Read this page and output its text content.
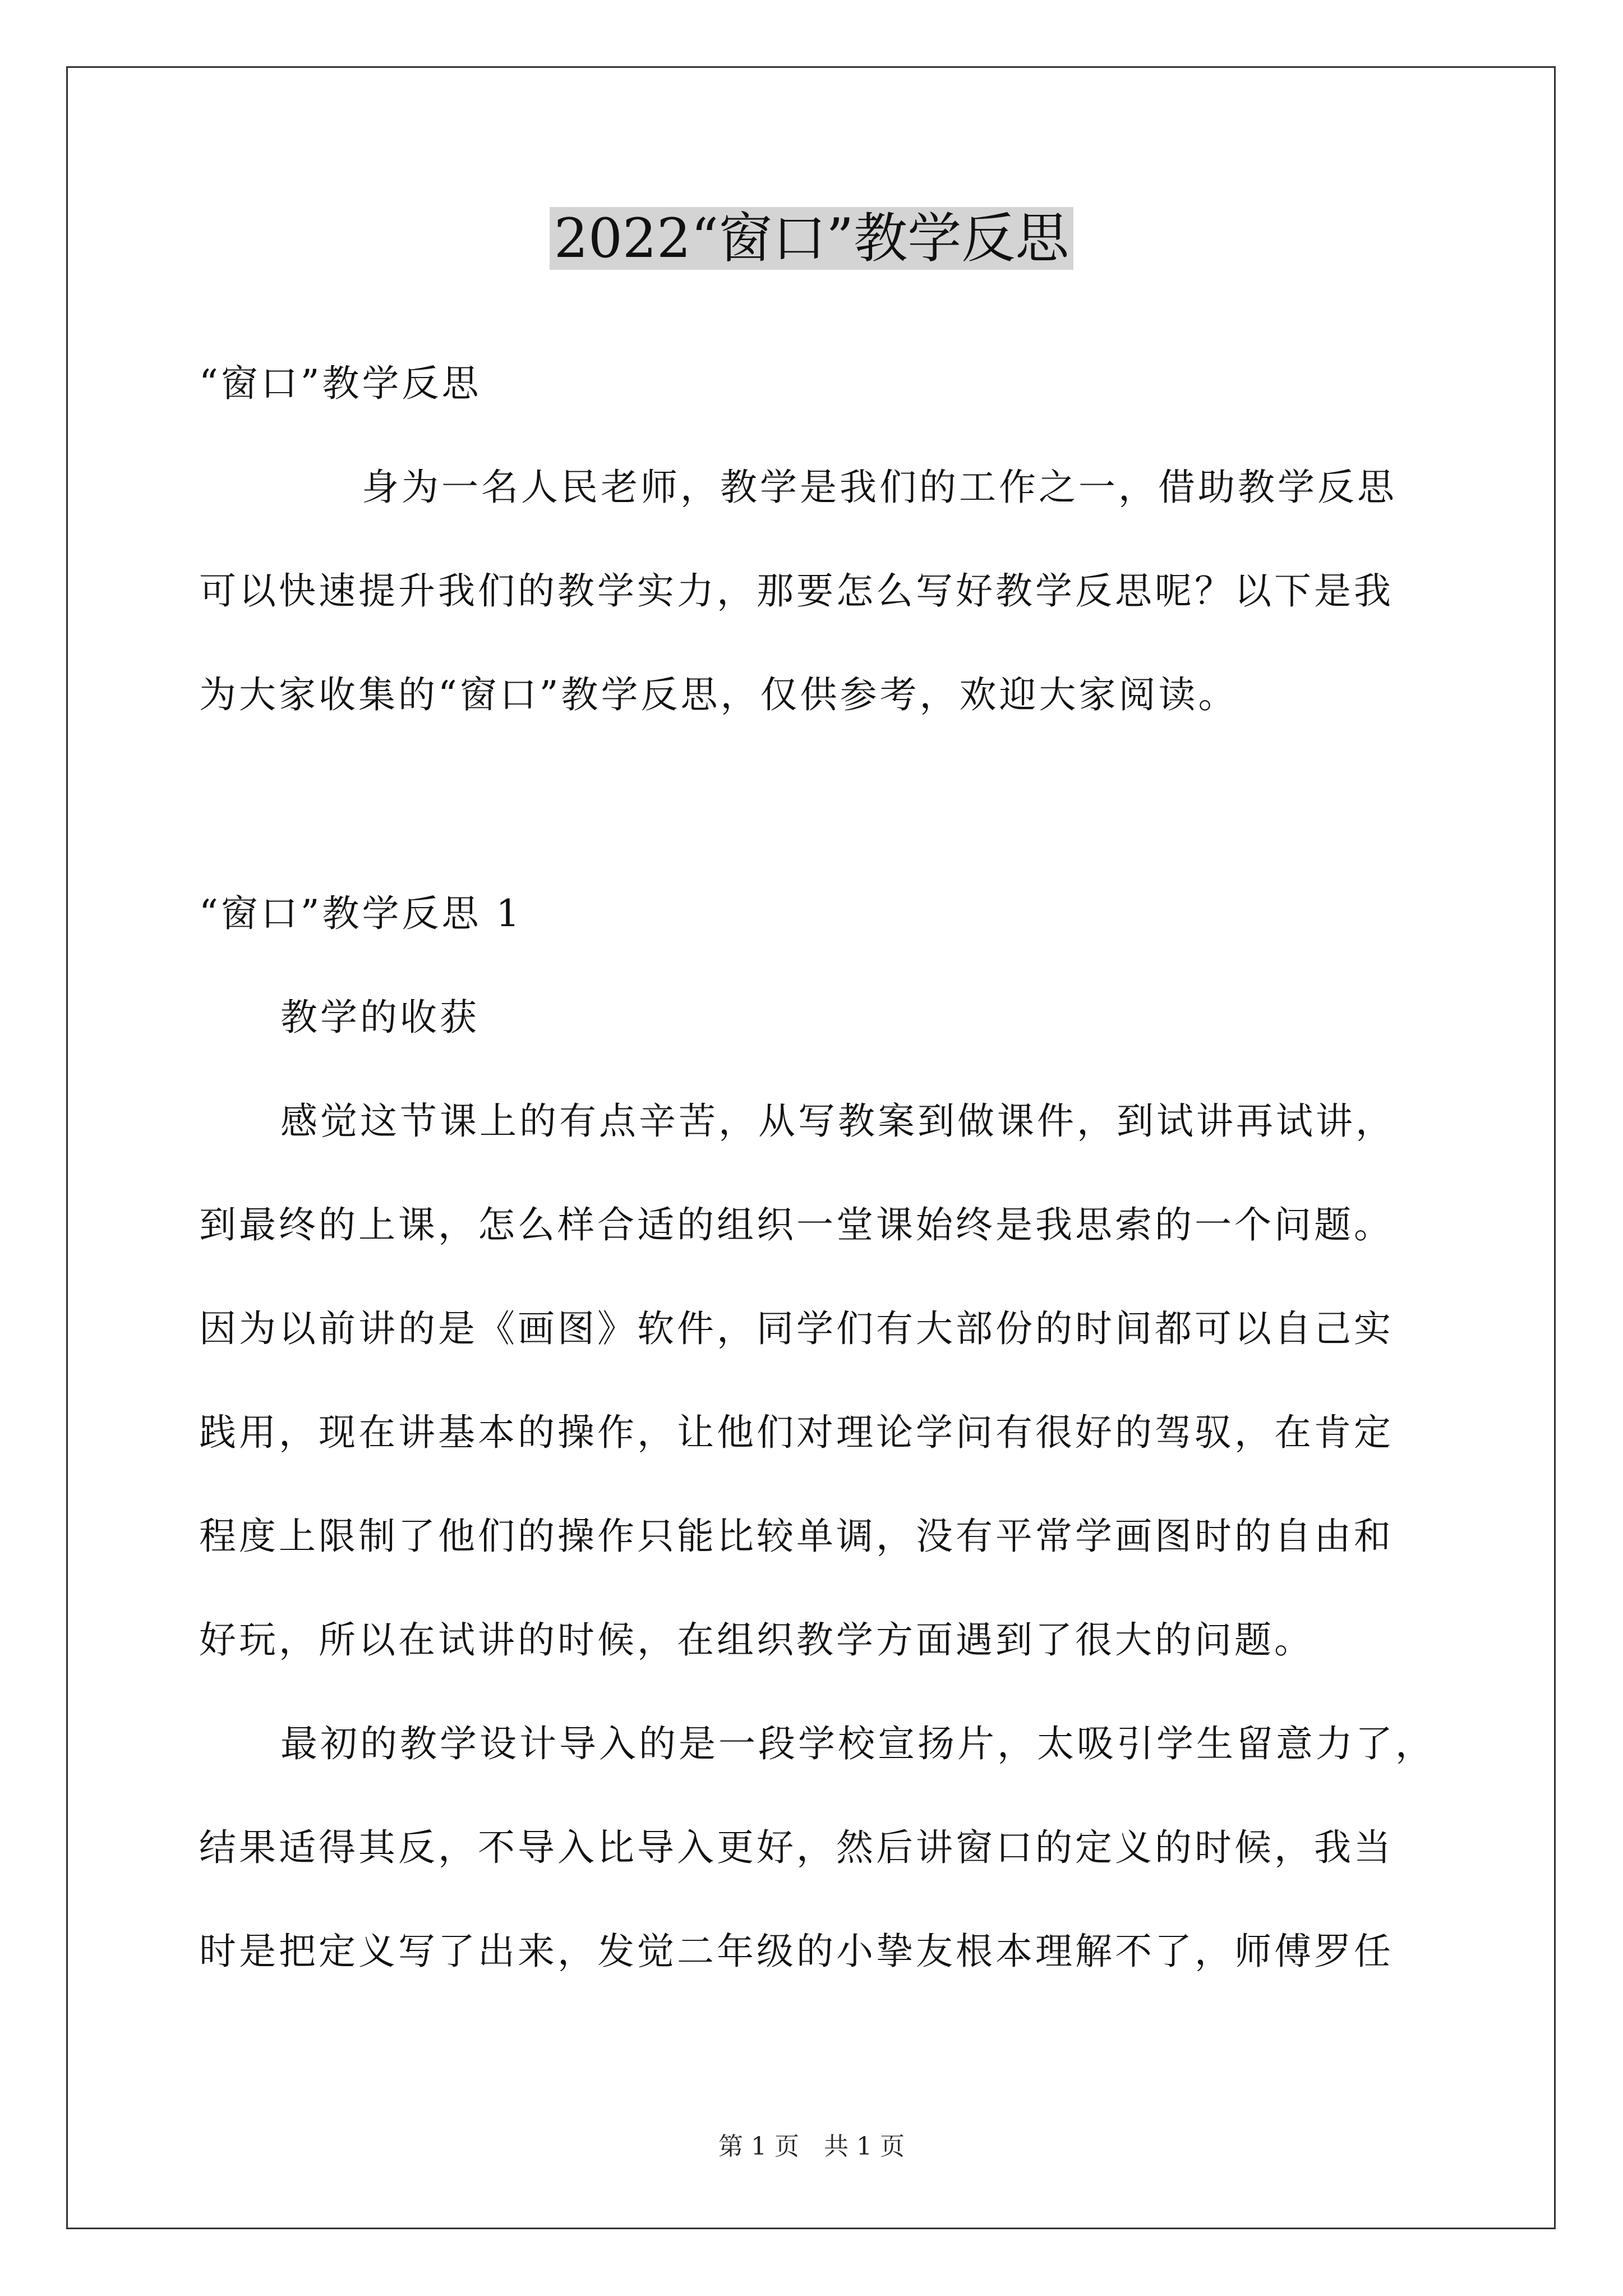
2022“窗口”教学反思
“窗口”教学反思
身为一名人民老师，教学是我们的工作之一，借助教学反思
可以快速提升我们的教学实力，那要怎么写好教学反思呢？以下是我
为大家收集的“窗口”教学反思，仅供参考，欢迎大家阅读。
“窗口”教学反思 1
教学的收获
感觉这节课上的有点辛苦，从写教案到做课件，到试讲再试讲，
到最终的上课，怎么样合适的组织一堂课始终是我思索的一个问题。
因为以前讲的是《画图》软件，同学们有大部份的时间都可以自己实
践用，现在讲基本的操作，让他们对理论学问有很好的驾驭，在肯定
程度上限制了他们的操作只能比较单调，没有平常学画图时的自由和
好玩，所以在试讲的时候，在组织教学方面遇到了很大的问题。
最初的教学设计导入的是一段学校宣扬片，太吸引学生留意力了，
结果适得其反，不导入比导入更好，然后讲窗口的定义的时候，我当
时是把定义写了出来，发觉二年级的小挚友根本理解不了，师傅罗任
第 1 页　共 1 页
